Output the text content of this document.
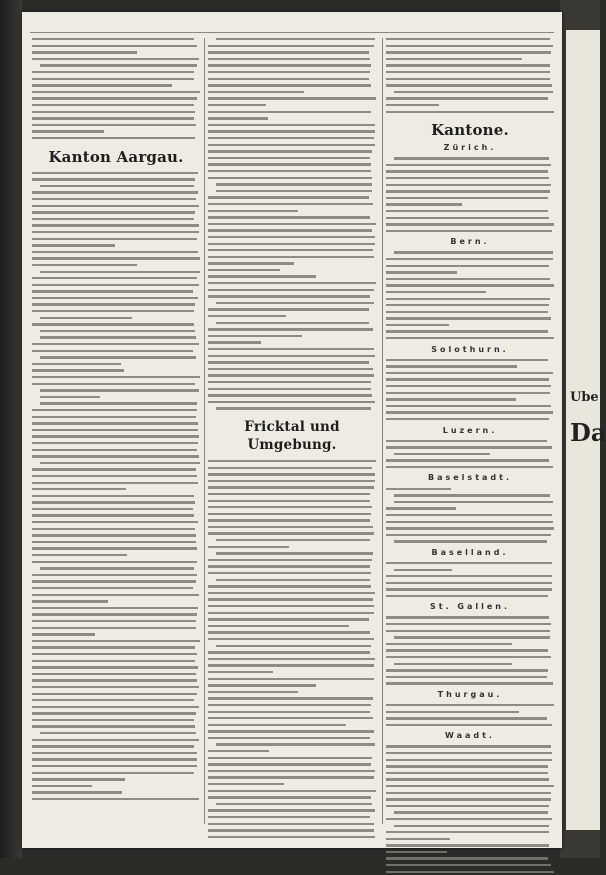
Ube
Da
Kanton Aargau.
Fricktal und Umgebung.
Kantone.
Zürich.
Bern.
Solothurn.
Luzern.
Baselstadt.
Baselland.
St. Gallen.
Thurgau.
Waadt.
